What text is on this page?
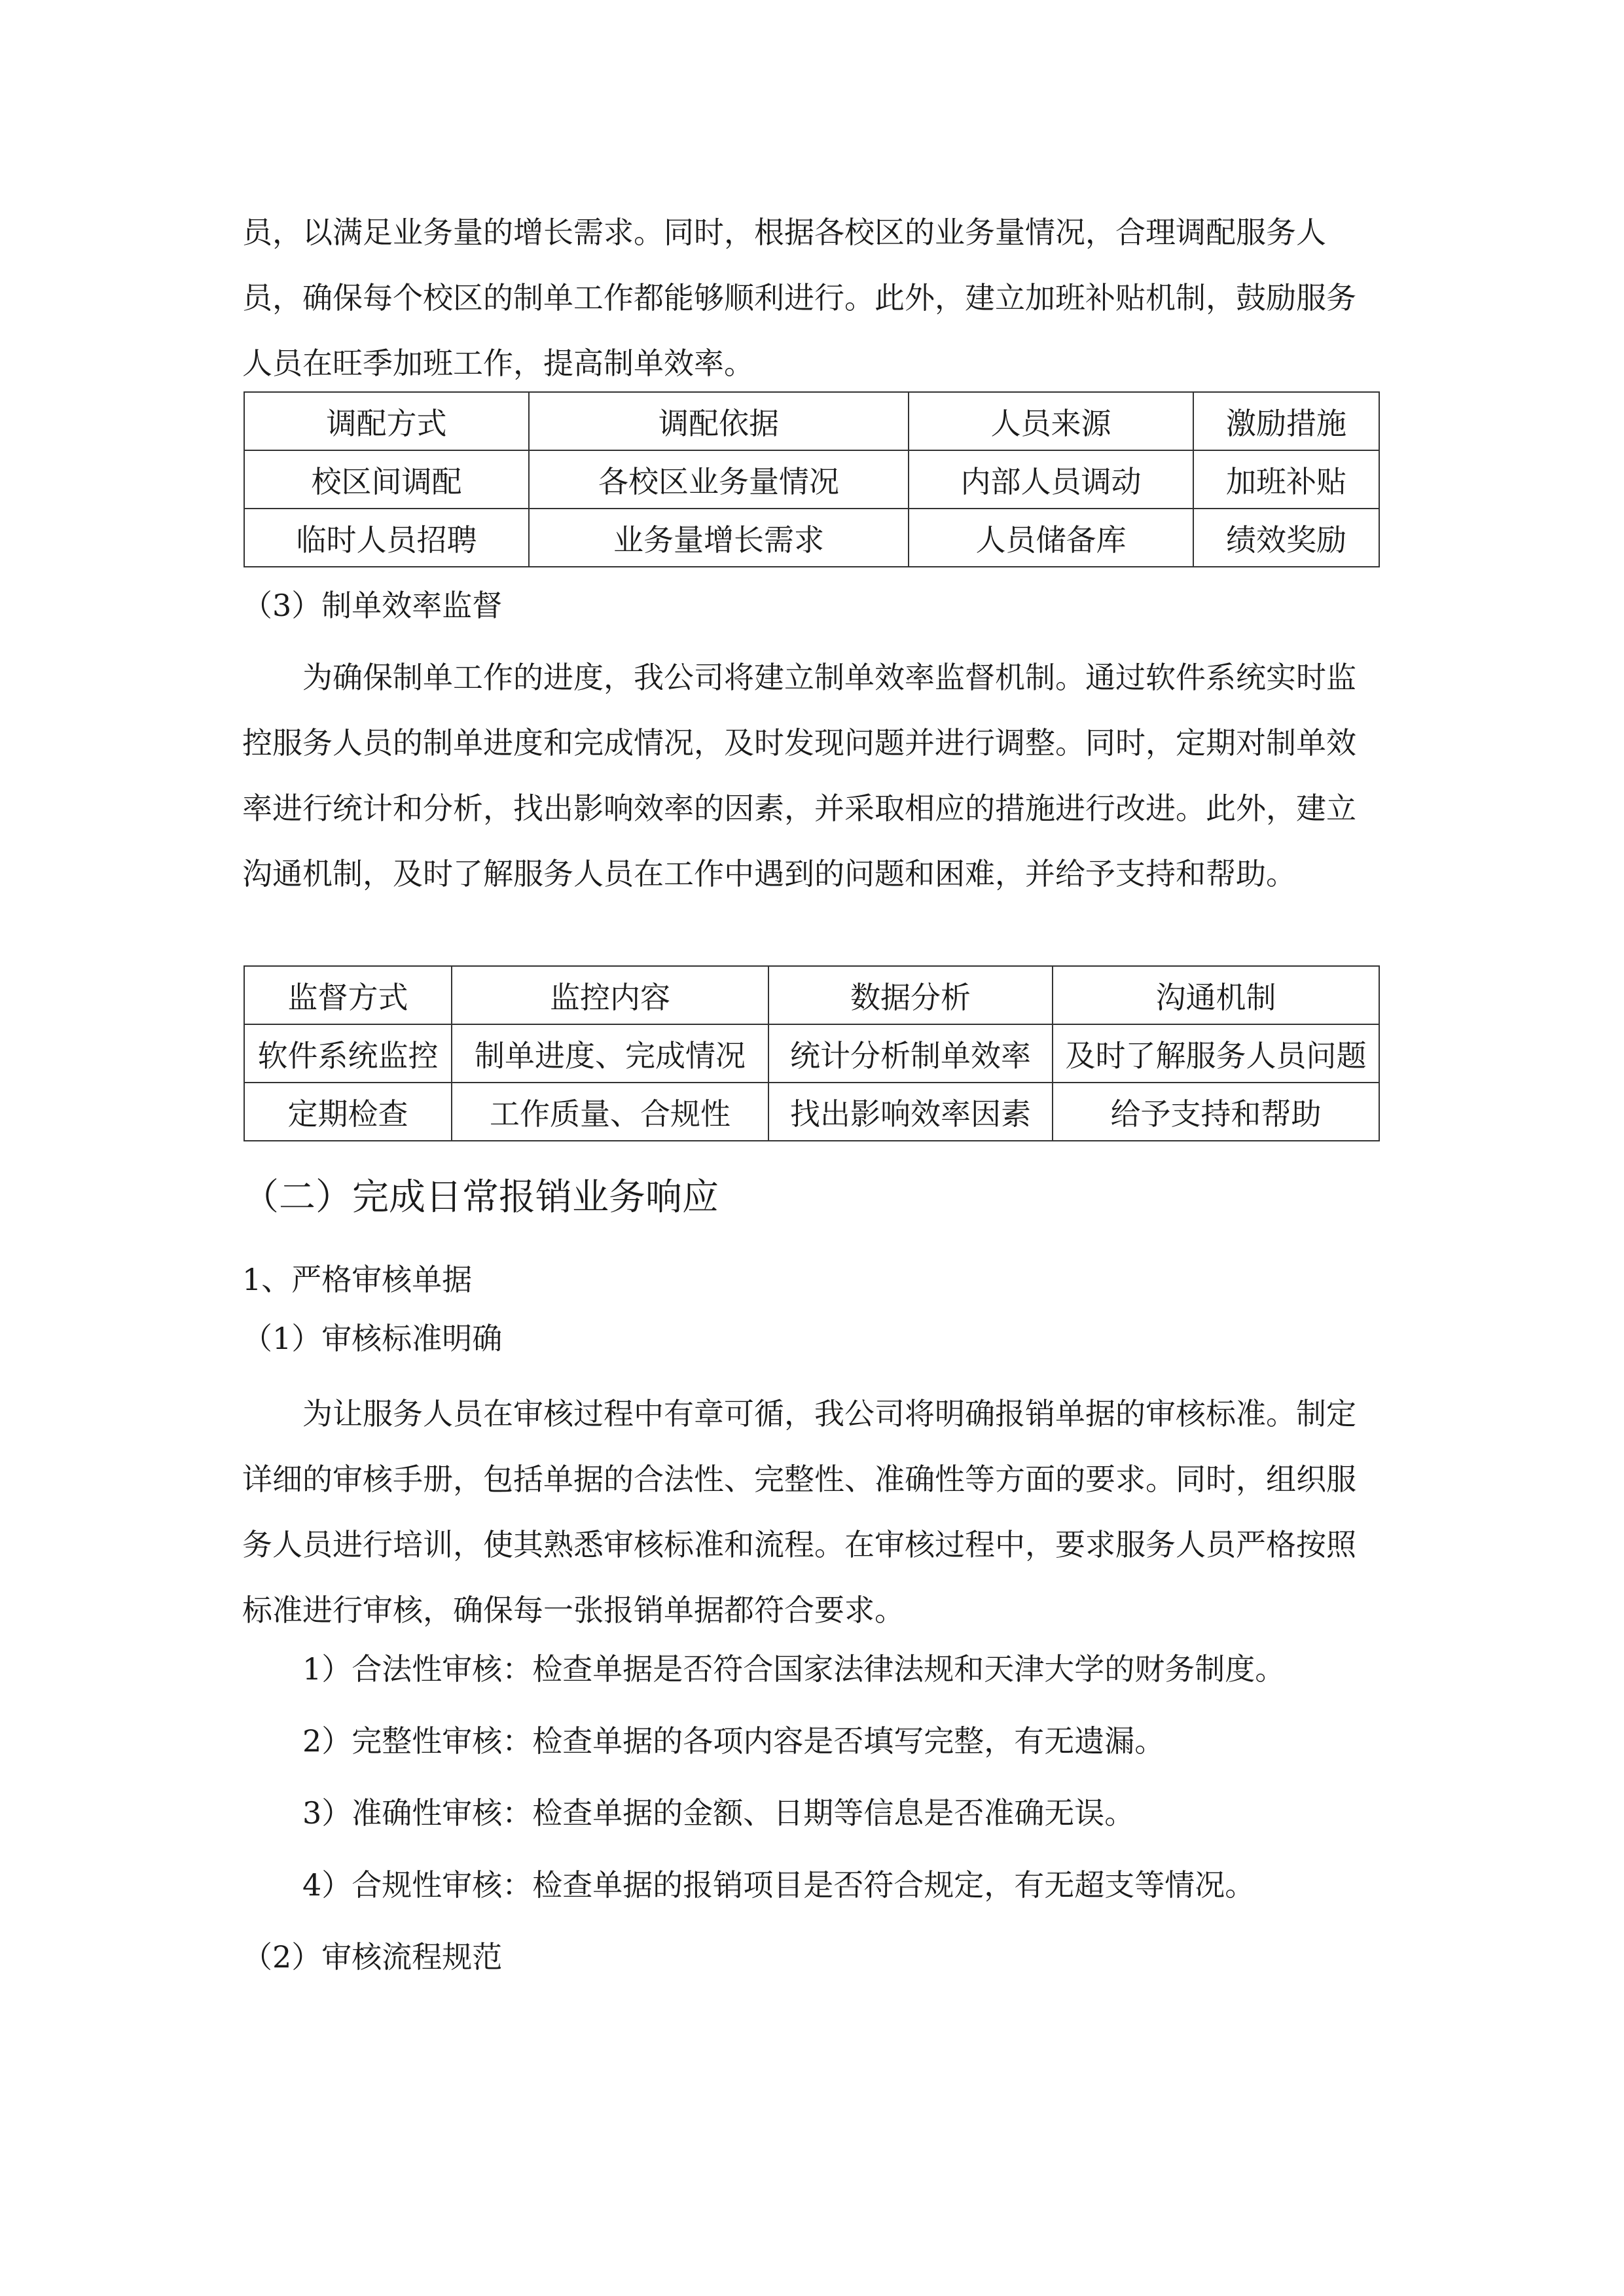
员，以满足业务量的增长需求。同时，根据各校区的业务量情况，合理调配服务人员，确保每个校区的制单工作都能够顺利进行。此外，建立加班补贴机制，鼓励服务人员在旺季加班工作，提高制单效率。

调配方式	调配依据	人员来源	激励措施
校区间调配	各校区业务量情况	内部人员调动	加班补贴
临时人员招聘	业务量增长需求	人员储备库	绩效奖励
（3）制单效率监督

为确保制单工作的进度，我公司将建立制单效率监督机制。通过软件系统实时监控服务人员的制单进度和完成情况，及时发现问题并进行调整。同时，定期对制单效率进行统计和分析，找出影响效率的因素，并采取相应的措施进行改进。此外，建立沟通机制，及时了解服务人员在工作中遇到的问题和困难，并给予支持和帮助。

监督方式	监控内容	数据分析	沟通机制
软件系统监控	制单进度、完成情况	统计分析制单效率	及时了解服务人员问题
定期检查	工作质量、合规性	找出影响效率因素	给予支持和帮助
（二）完成日常报销业务响应
1、严格审核单据
（1）审核标准明确

为让服务人员在审核过程中有章可循，我公司将明确报销单据的审核标准。制定详细的审核手册，包括单据的合法性、完整性、准确性等方面的要求。同时，组织服务人员进行培训，使其熟悉审核标准和流程。在审核过程中，要求服务人员严格按照标准进行审核，确保每一张报销单据都符合要求。

1）合法性审核：检查单据是否符合国家法律法规和天津大学的财务制度。
2）完整性审核：检查单据的各项内容是否填写完整，有无遗漏。
3）准确性审核：检查单据的金额、日期等信息是否准确无误。
4）合规性审核：检查单据的报销项目是否符合规定，有无超支等情况。
（2）审核流程规范
